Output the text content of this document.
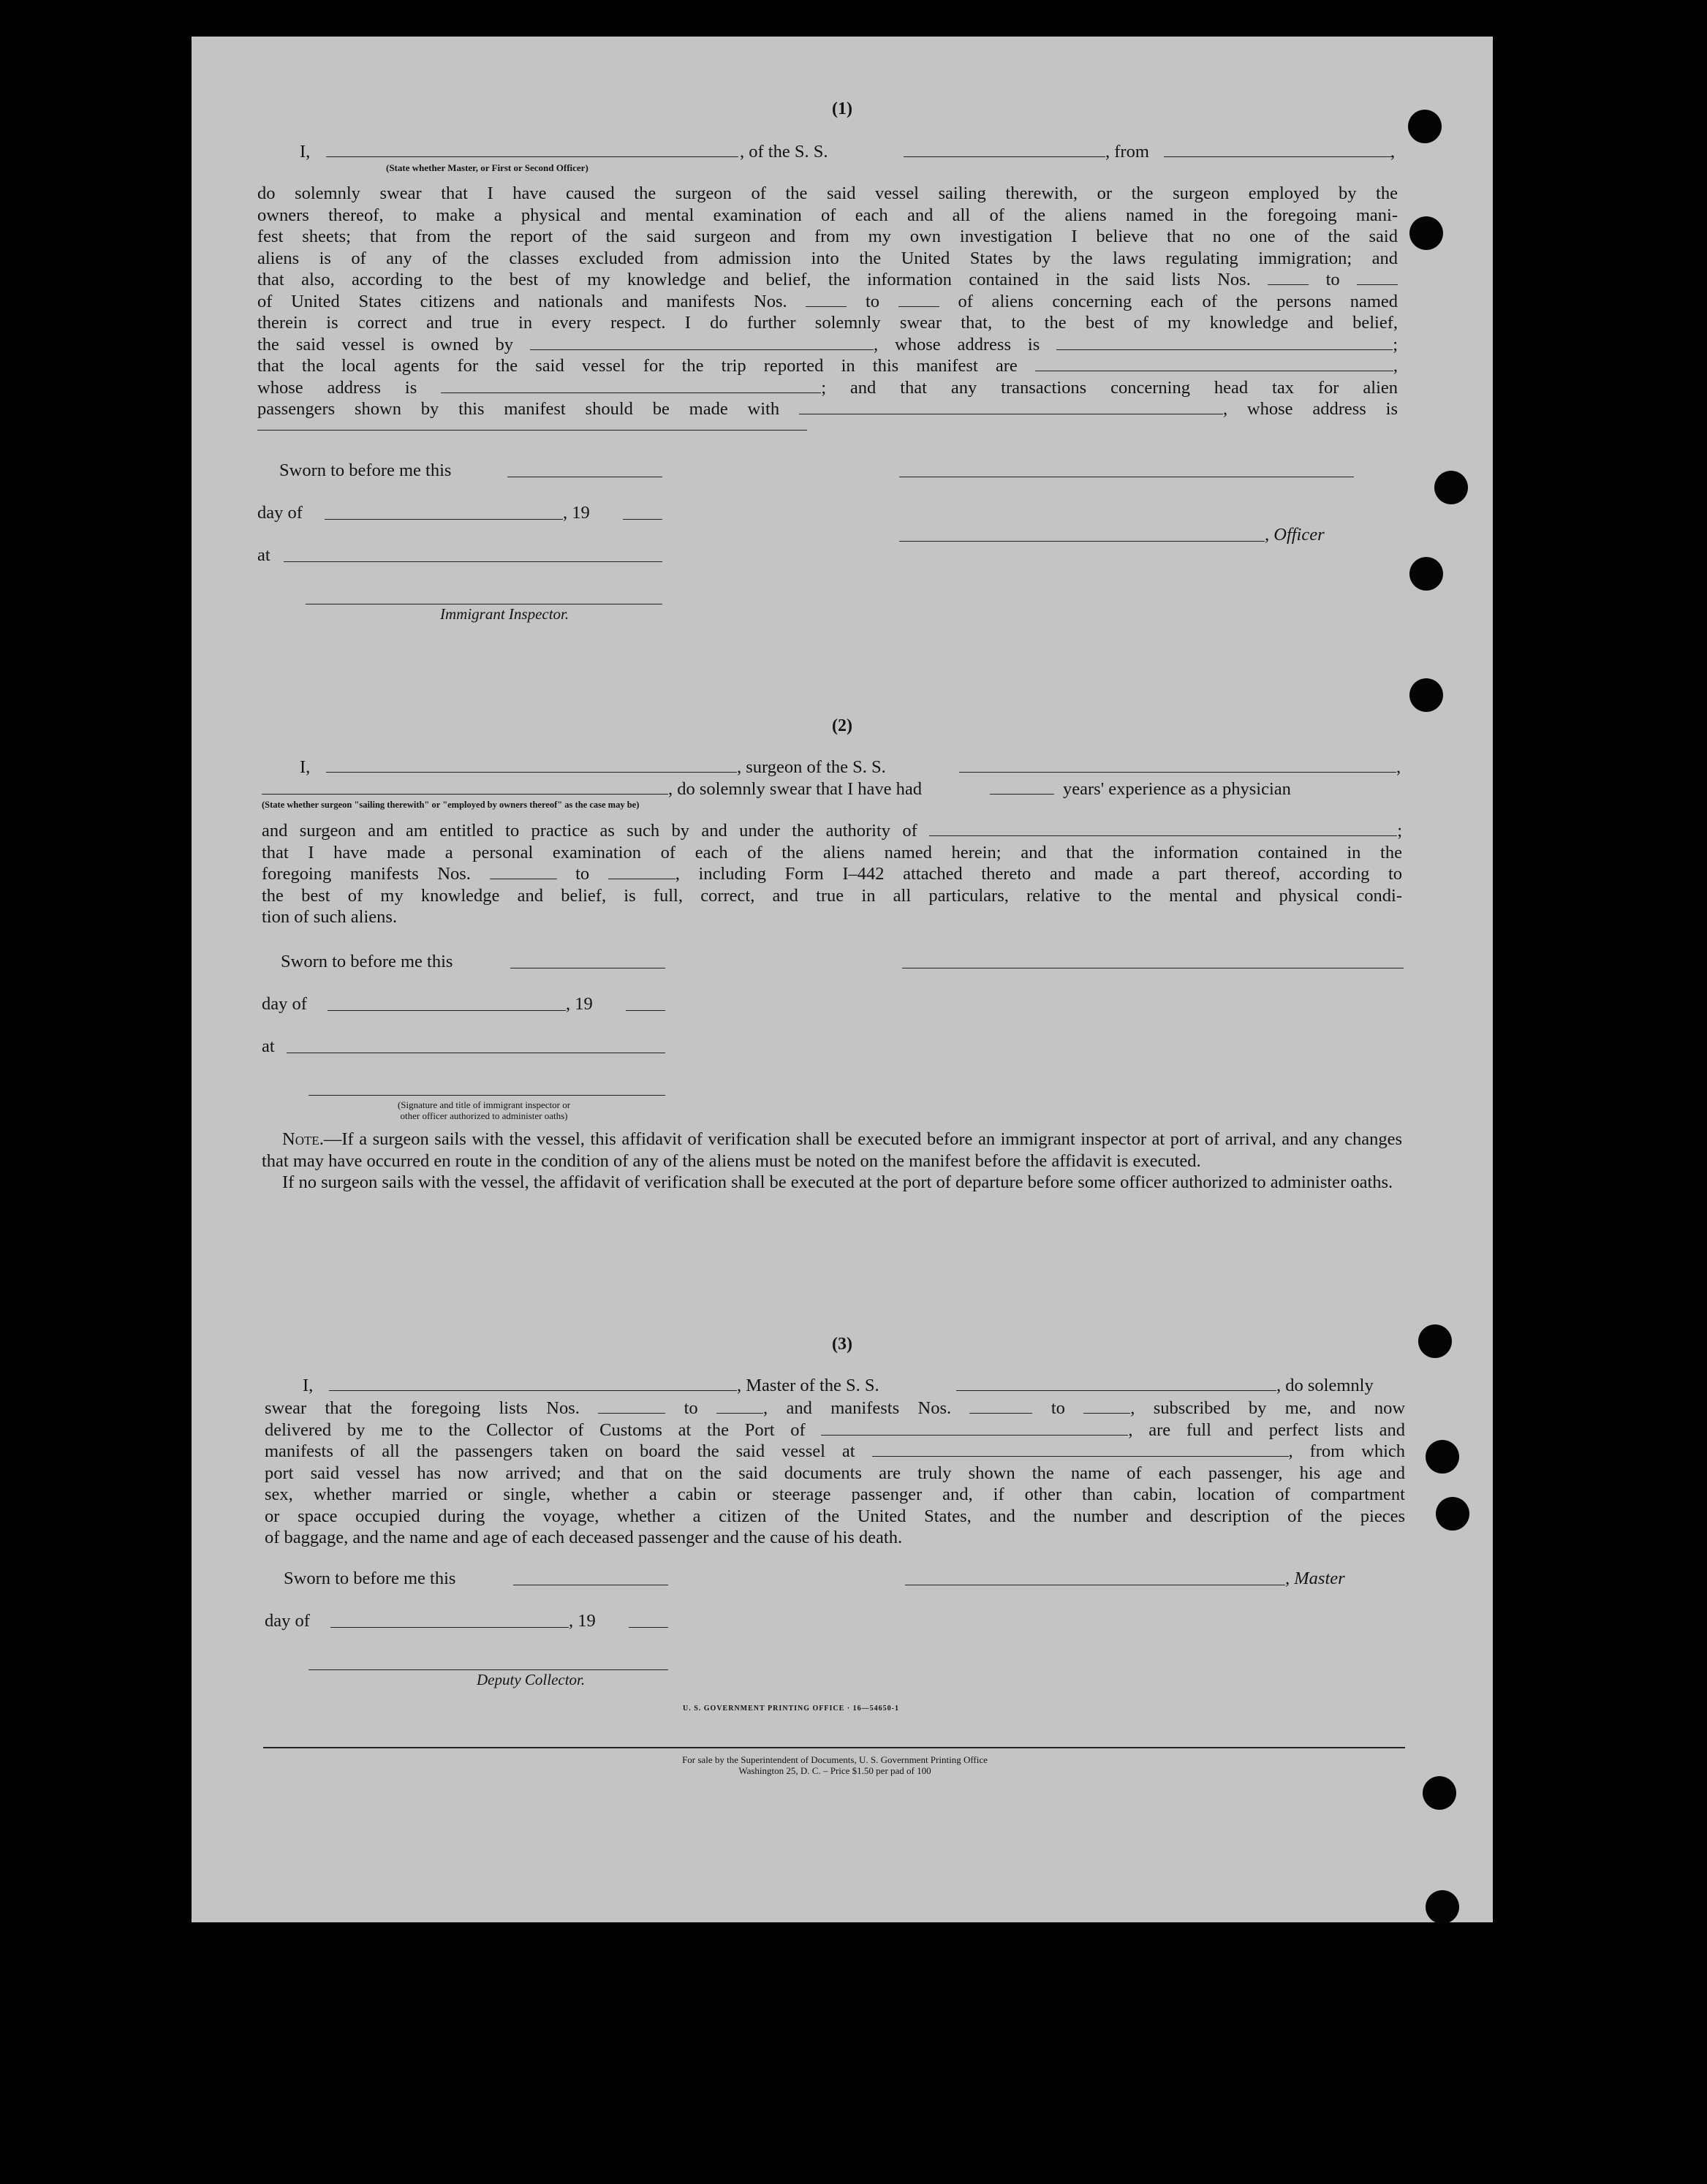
(1)
I,	, of the S. S.	, from	,
(State whether Master, or First or Second Officer)
do solemnly swear that I have caused the surgeon of the said vessel sailing therewith, or the surgeon employed by the
owners thereof, to make a physical and mental examination of each and all of the aliens named in the foregoing mani-
fest sheets; that from the report of the said surgeon and from my own investigation I believe that no one of the said
aliens is of any of the classes excluded from admission into the United States by the laws regulating immigration; and
that also, according to the best of my knowledge and belief, the information contained in the said lists Nos.	to
of United States citizens and nationals and manifests Nos.	to	of aliens concerning each of the persons named
therein is correct and true in every respect. I do further solemnly swear that, to the best of my knowledge and belief,
the said vessel is owned by	, whose address is	;
that the local agents for the said vessel for the trip reported in this manifest are	,
whose address is	; and that any transactions concerning head tax for alien
passengers shown by this manifest should be made with	, whose address is
Sworn to before me this
day of	, 19
, Officer
at
Immigrant Inspector.
(2)
I,	, surgeon of the S. S.	,
, do solemnly swear that I have had	years' experience as a physician
(State whether surgeon "sailing therewith" or "employed by owners thereof" as the case may be)
and surgeon and am entitled to practice as such by and under the authority of	;
that I have made a personal examination of each of the aliens named herein; and that the information contained in the
foregoing manifests Nos.	to	, including Form I–442 attached thereto and made a part thereof, according to
the best of my knowledge and belief, is full, correct, and true in all particulars, relative to the mental and physical condi-
tion of such aliens.
Sworn to before me this
day of	, 19
at
(Signature and title of immigrant inspector or
other officer authorized to administer oaths)

Note.—If a surgeon sails with the vessel, this affidavit of verification shall be executed before an immigrant inspector at port of arrival, and any changes that may have occurred en route in the condition of any of the aliens must be noted on the manifest before the affidavit is executed.

If no surgeon sails with the vessel, the affidavit of verification shall be executed at the port of departure before some officer authorized to administer oaths.

(3)
I,	, Master of the S. S.	, do solemnly
swear that the foregoing lists Nos.	to	, and manifests Nos.	to	, subscribed by me, and now
delivered by me to the Collector of Customs at the Port of	, are full and perfect lists and
manifests of all the passengers taken on board the said vessel at	, from which
port said vessel has now arrived; and that on the said documents are truly shown the name of each passenger, his age and
sex, whether married or single, whether a cabin or steerage passenger and, if other than cabin, location of compartment
or space occupied during the voyage, whether a citizen of the United States, and the number and description of the pieces
of baggage, and the name and age of each deceased passenger and the cause of his death.
Sworn to before me this	, Master
day of	, 19
Deputy Collector.
U. S. GOVERNMENT PRINTING OFFICE · 16—54650-1
For sale by the Superintendent of Documents, U. S. Government Printing Office
Washington 25, D. C. – Price $1.50 per pad of 100
